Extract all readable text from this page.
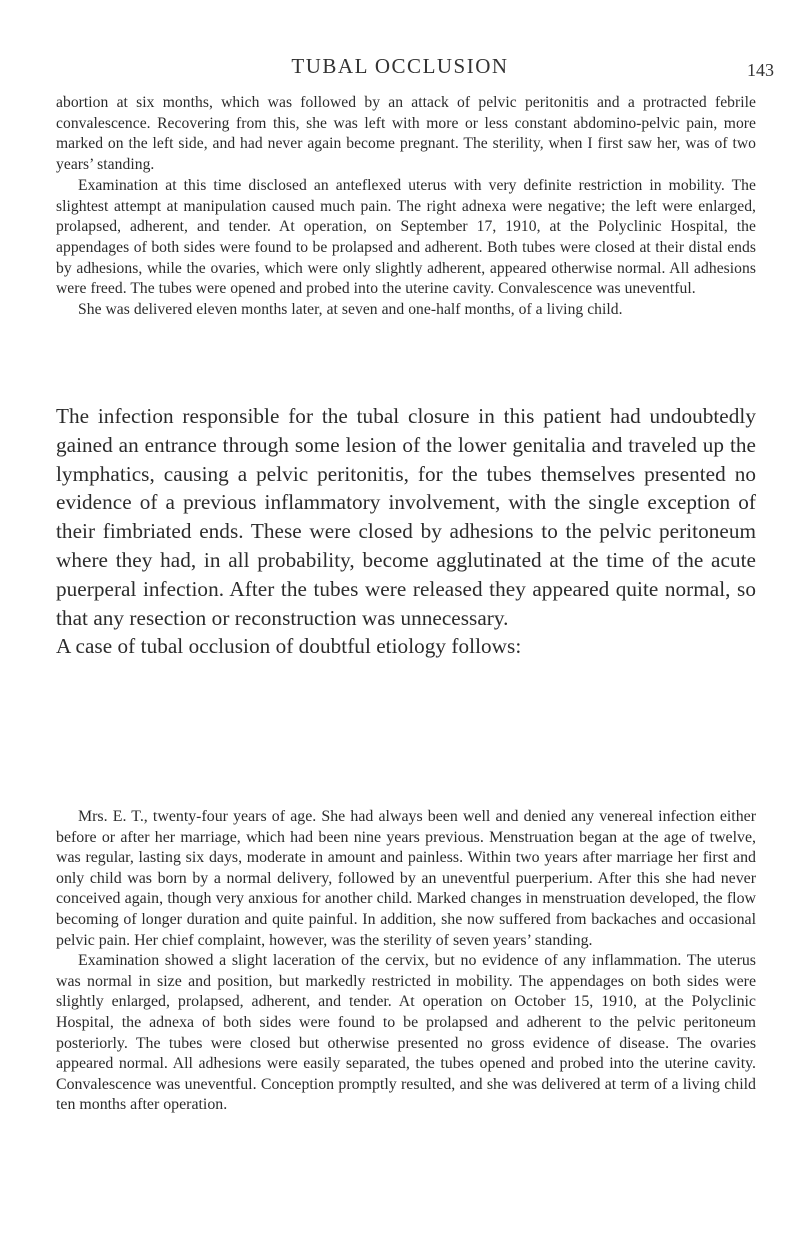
TUBAL OCCLUSION	143

abortion at six months, which was followed by an attack of pelvic peritonitis and a protracted febrile convalescence. Recovering from this, she was left with more or less constant abdomino-pelvic pain, more marked on the left side, and had never again become pregnant. The sterility, when I first saw her, was of two years’ standing.

Examination at this time disclosed an anteflexed uterus with very definite restriction in mobility. The slightest attempt at manipulation caused much pain. The right adnexa were negative; the left were enlarged, prolapsed, adherent, and tender. At operation, on September 17, 1910, at the Polyclinic Hospital, the appendages of both sides were found to be prolapsed and adherent. Both tubes were closed at their distal ends by adhesions, while the ovaries, which were only slightly adherent, appeared otherwise normal. All adhesions were freed. The tubes were opened and probed into the uterine cavity. Convalescence was uneventful.

She was delivered eleven months later, at seven and one-half months, of a living child.

The infection responsible for the tubal closure in this patient had undoubtedly gained an entrance through some lesion of the lower genitalia and traveled up the lymphatics, causing a pelvic peritonitis, for the tubes themselves presented no evidence of a previous inflammatory involvement, with the single exception of their fimbriated ends. These were closed by adhesions to the pelvic peritoneum where they had, in all probability, become agglutinated at the time of the acute puerperal infection. After the tubes were released they appeared quite normal, so that any resection or reconstruction was unnecessary.

A case of tubal occlusion of doubtful etiology follows:

Mrs. E. T., twenty-four years of age. She had always been well and denied any venereal infection either before or after her marriage, which had been nine years previous. Menstruation began at the age of twelve, was regular, lasting six days, moderate in amount and painless. Within two years after marriage her first and only child was born by a normal delivery, followed by an uneventful puerperium. After this she had never conceived again, though very anxious for another child. Marked changes in menstruation developed, the flow becoming of longer duration and quite painful. In addition, she now suffered from backaches and occasional pelvic pain. Her chief complaint, however, was the sterility of seven years’ standing.

Examination showed a slight laceration of the cervix, but no evidence of any inflammation. The uterus was normal in size and position, but markedly restricted in mobility. The appendages on both sides were slightly enlarged, prolapsed, adherent, and tender. At operation on October 15, 1910, at the Polyclinic Hospital, the adnexa of both sides were found to be prolapsed and adherent to the pelvic peritoneum posteriorly. The tubes were closed but otherwise presented no gross evidence of disease. The ovaries appeared normal. All adhesions were easily separated, the tubes opened and probed into the uterine cavity. Convalescence was uneventful. Conception promptly resulted, and she was delivered at term of a living child ten months after operation.
